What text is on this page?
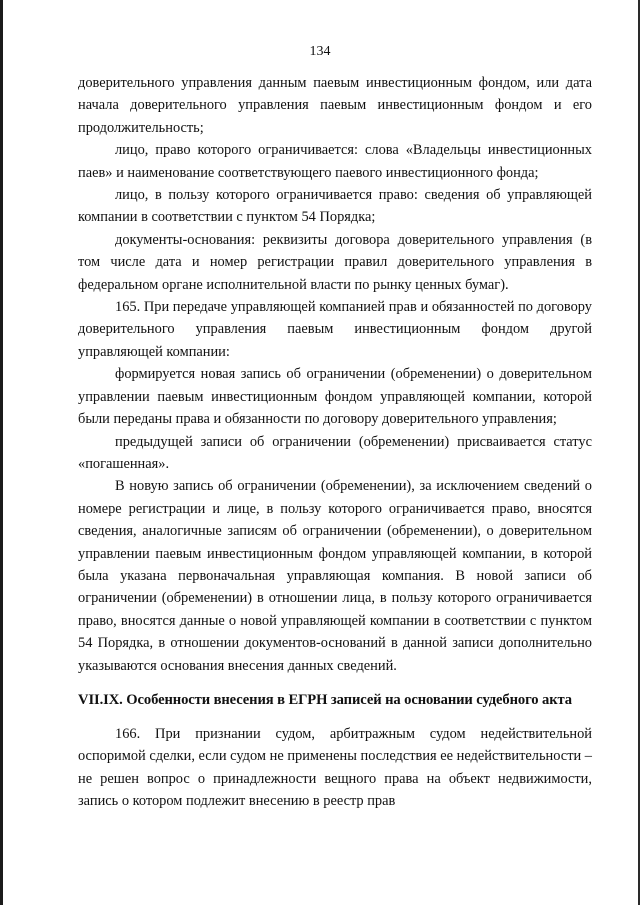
134

доверительного управления данным паевым инвестиционным фондом, или дата начала доверительного управления паевым инвестиционным фондом и его продолжительность;

лицо, право которого ограничивается: слова «Владельцы инвестиционных паев» и наименование соответствующего паевого инвестиционного фонда;

лицо, в пользу которого ограничивается право: сведения об управляющей компании в соответствии с пунктом 54 Порядка;

документы-основания: реквизиты договора доверительного управления (в том числе дата и номер регистрации правил доверительного управления в федеральном органе исполнительной власти по рынку ценных бумаг).

165. При передаче управляющей компанией прав и обязанностей по договору доверительного управления паевым инвестиционным фондом другой управляющей компании:

формируется новая запись об ограничении (обременении) о доверительном управлении паевым инвестиционным фондом управляющей компании, которой были переданы права и обязанности по договору доверительного управления;

предыдущей записи об ограничении (обременении) присваивается статус «погашенная».

В новую запись об ограничении (обременении), за исключением сведений о номере регистрации и лице, в пользу которого ограничивается право, вносятся сведения, аналогичные записям об ограничении (обременении), о доверительном управлении паевым инвестиционным фондом управляющей компании, в которой была указана первоначальная управляющая компания. В новой записи об ограничении (обременении) в отношении лица, в пользу которого ограничивается право, вносятся данные о новой управляющей компании в соответствии с пунктом 54 Порядка, в отношении документов-оснований в данной записи дополнительно указываются основания внесения данных сведений.

VII.IX. Особенности внесения в ЕГРН записей на основании судебного акта

166. При признании судом, арбитражным судом недействительной оспоримой сделки, если судом не применены последствия ее недействительности – не решен вопрос о принадлежности вещного права на объект недвижимости, запись о котором подлежит внесению в реестр прав
